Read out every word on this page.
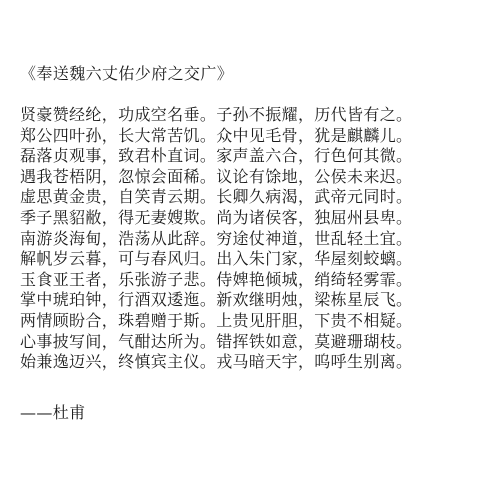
《奉送魏六丈佑少府之交广》
贤豪赞经纶，功成空名垂。子孙不振耀，历代皆有之。
郑公四叶孙，长大常苦饥。众中见毛骨，犹是麒麟儿。
磊落贞观事，致君朴直词。家声盖六合，行色何其微。
遇我苍梧阴，忽惊会面稀。议论有馀地，公侯未来迟。
虚思黄金贵，自笑青云期。长卿久病渴，武帝元同时。
季子黑貂敝，得无妻嫂欺。尚为诸侯客，独屈州县卑。
南游炎海甸，浩荡从此辞。穷途仗神道，世乱轻土宜。
解帆岁云暮，可与春风归。出入朱门家，华屋刻蛟螭。
玉食亚王者，乐张游子悲。侍婢艳倾城，绡绮轻雾霏。
掌中琥珀钟，行酒双逶迤。新欢继明烛，梁栋星辰飞。
两情顾盼合，珠碧赠于斯。上贵见肝胆，下贵不相疑。
心事披写间，气酣达所为。错挥铁如意，莫避珊瑚枝。
始兼逸迈兴，终慎宾主仪。戎马暗天宇，呜呼生别离。
——杜甫
